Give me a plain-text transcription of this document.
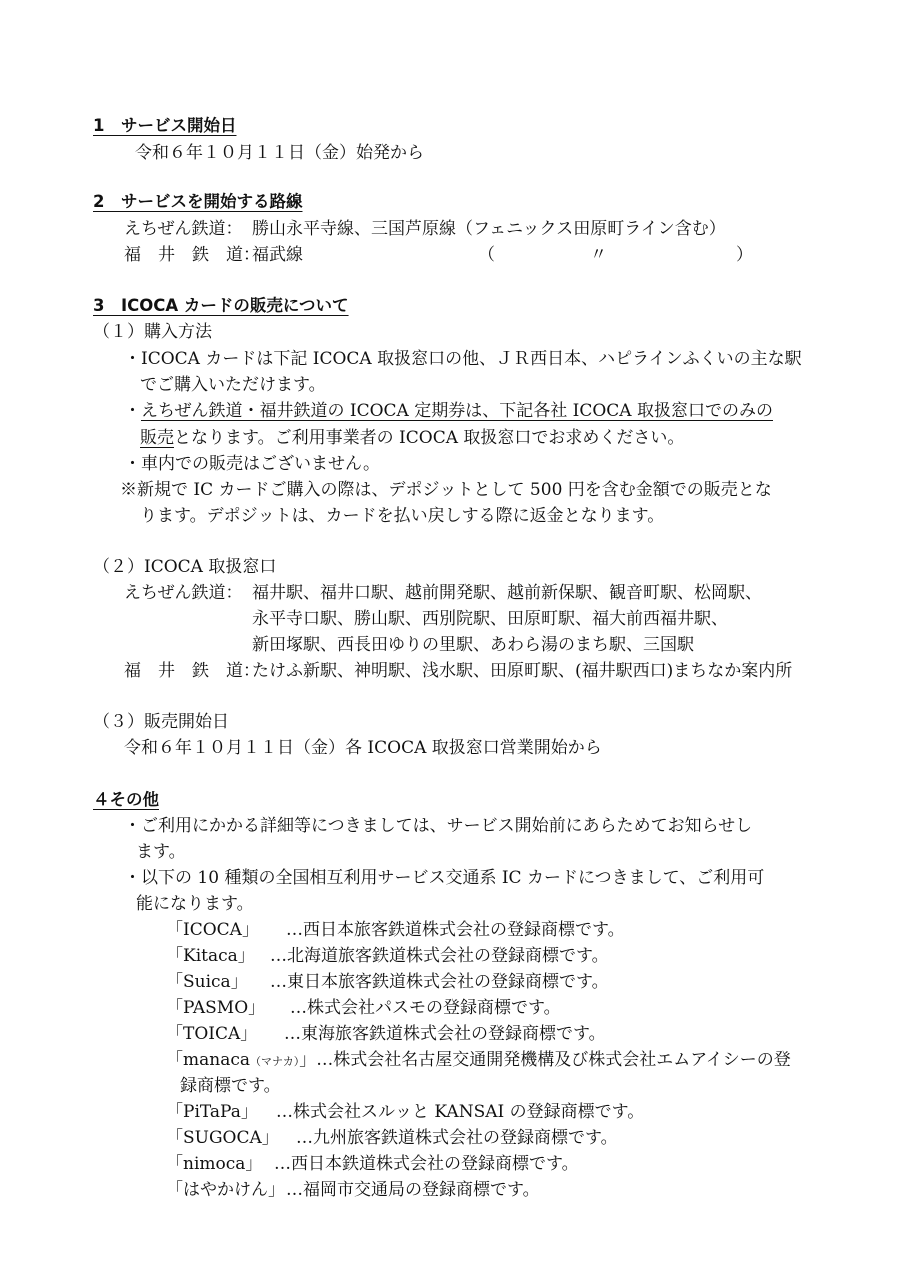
1　サービス開始日
令和６年１０月１１日（金）始発から
2　サービスを開始する路線
えちぜん鉄道： 勝山永平寺線、三国芦原線（フェニックス田原町ライン含む）
福　井　鉄　道：
福武線	（	〃	）
3　ICOCA カードの販売について
（１）購入方法
・ICOCA カードは下記 ICOCA 取扱窓口の他、ＪＲ西日本、ハピラインふくいの主な駅
でご購入いただけます。
・えちぜん鉄道・福井鉄道の ICOCA 定期券は、下記各社 ICOCA 取扱窓口でのみの
販売となります。ご利用事業者の ICOCA 取扱窓口でお求めください。
・車内での販売はございません。
※新規で IC カードご購入の際は、デポジットとして 500 円を含む金額での販売とな
ります。デポジットは、カードを払い戻しする際に返金となります。
（２）ICOCA 取扱窓口
えちぜん鉄道： 福井駅、福井口駅、越前開発駅、越前新保駅、観音町駅、松岡駅、
永平寺口駅、勝山駅、西別院駅、田原町駅、福大前西福井駅、
新田塚駅、西長田ゆりの里駅、あわら湯のまち駅、三国駅
福　井　鉄　道：
たけふ新駅、神明駅、浅水駅、田原町駅、(福井駅西口)まちなか案内所
（３）販売開始日
令和６年１０月１１日（金）各 ICOCA 取扱窓口営業開始から
４その他
・ご利用にかかる詳細等につきましては、サービス開始前にあらためてお知らせし
ます。
・以下の 10 種類の全国相互利用サービス交通系 IC カードにつきまして、ご利用可
能になります。
「ICOCA」 …西日本旅客鉄道株式会社の登録商標です。
「Kitaca」 …北海道旅客鉄道株式会社の登録商標です。
「Suica」 …東日本旅客鉄道株式会社の登録商標です。
「PASMO」 …株式会社パスモの登録商標です。
「TOICA」 …東海旅客鉄道株式会社の登録商標です。
「manaca（マナカ）」…株式会社名古屋交通開発機構及び株式会社エムアイシーの登
録商標です。
「PiTaPa」 …株式会社スルッと KANSAI の登録商標です。
「SUGOCA」 …九州旅客鉄道株式会社の登録商標です。
「nimoca」 …西日本鉄道株式会社の登録商標です。
「はやかけん」 …福岡市交通局の登録商標です。
